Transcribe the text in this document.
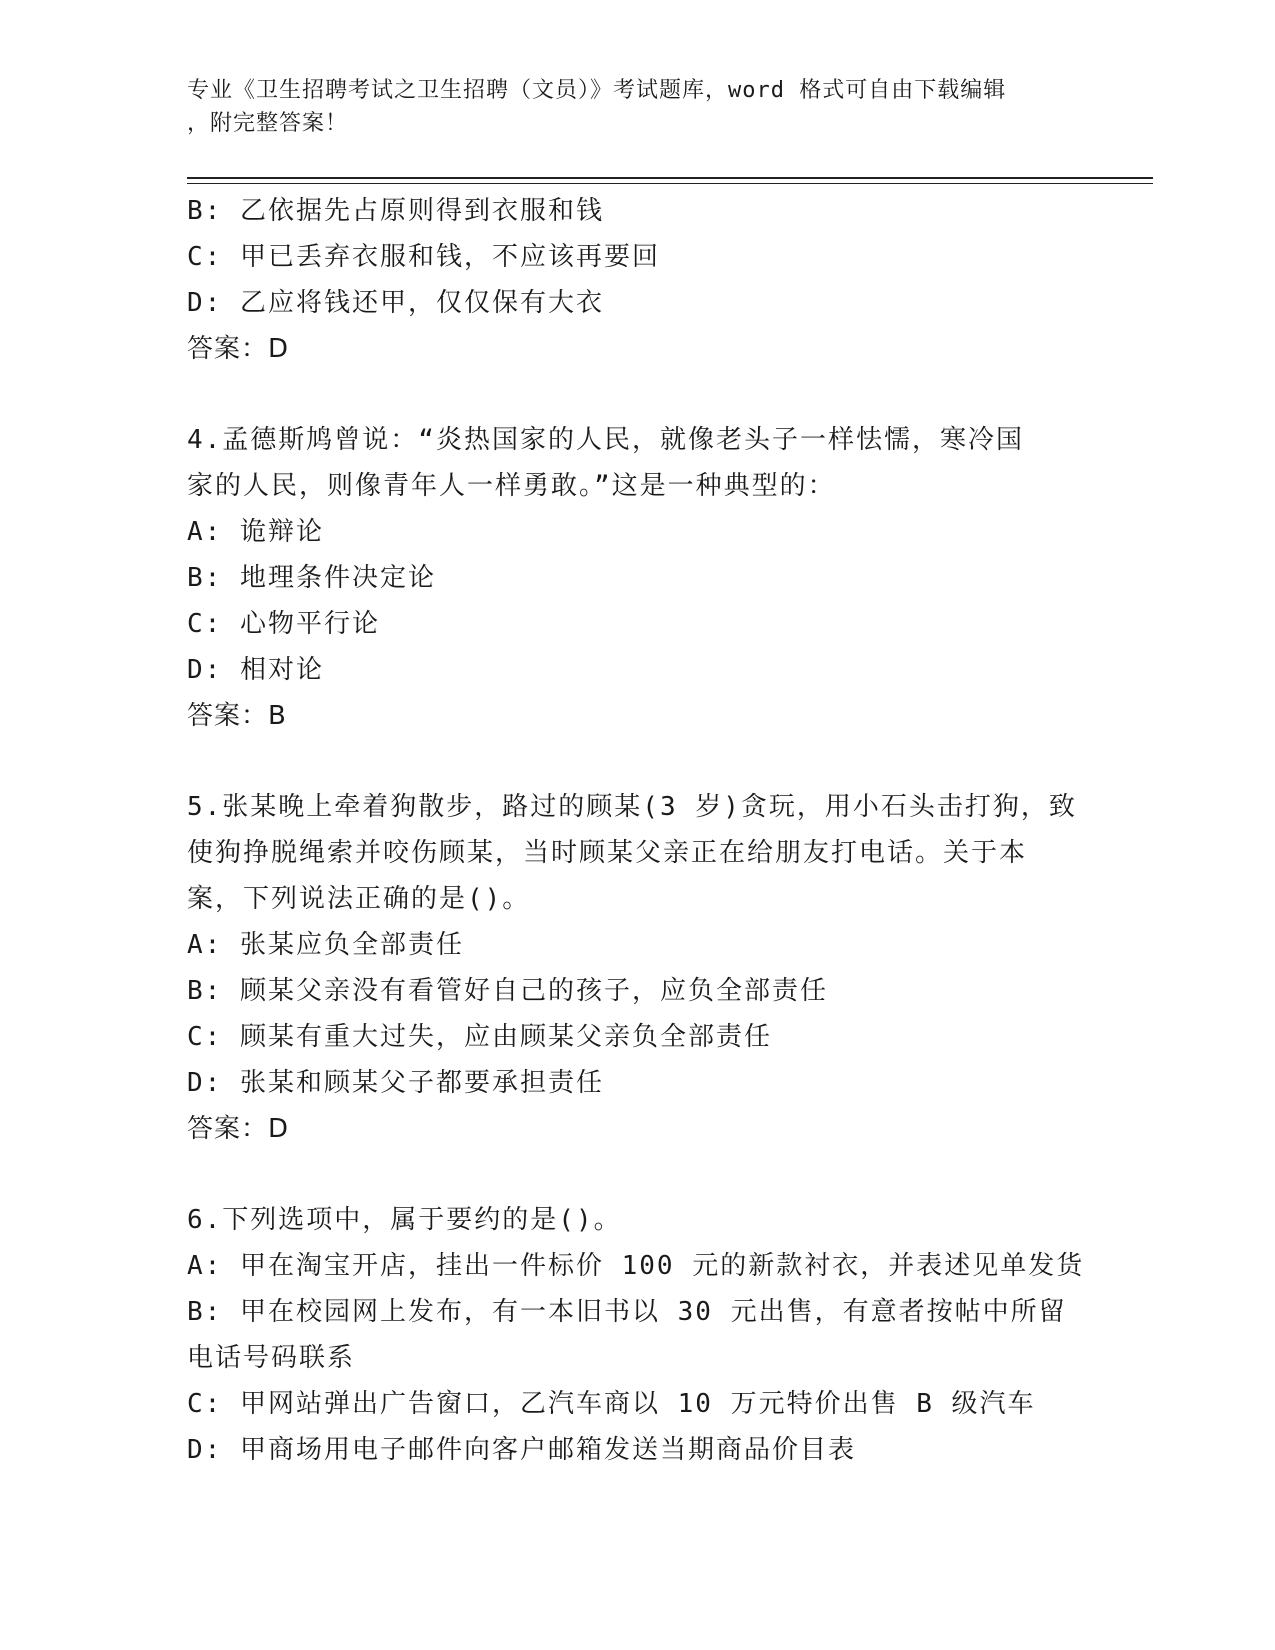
专业《卫生招聘考试之卫生招聘（文员）》考试题库，word 格式可自由下载编辑
，附完整答案！
B: 乙依据先占原则得到衣服和钱
C: 甲已丢弃衣服和钱，不应该再要回
D: 乙应将钱还甲，仅仅保有大衣
答案：D
4.孟德斯鸠曾说：“炎热国家的人民，就像老头子一样怯懦，寒冷国
家的人民，则像青年人一样勇敢。”这是一种典型的：
A: 诡辩论
B: 地理条件决定论
C: 心物平行论
D: 相对论
答案：B
5.张某晚上牵着狗散步，路过的顾某(3 岁)贪玩，用小石头击打狗，致
使狗挣脱绳索并咬伤顾某，当时顾某父亲正在给朋友打电话。关于本
案，下列说法正确的是()。
A: 张某应负全部责任
B: 顾某父亲没有看管好自己的孩子，应负全部责任
C: 顾某有重大过失，应由顾某父亲负全部责任
D: 张某和顾某父子都要承担责任
答案：D
6.下列选项中，属于要约的是()。
A: 甲在淘宝开店，挂出一件标价 100 元的新款衬衣，并表述见单发货
B: 甲在校园网上发布，有一本旧书以 30 元出售，有意者按帖中所留
电话号码联系
C: 甲网站弹出广告窗口，乙汽车商以 10 万元特价出售 B 级汽车
D: 甲商场用电子邮件向客户邮箱发送当期商品价目表
